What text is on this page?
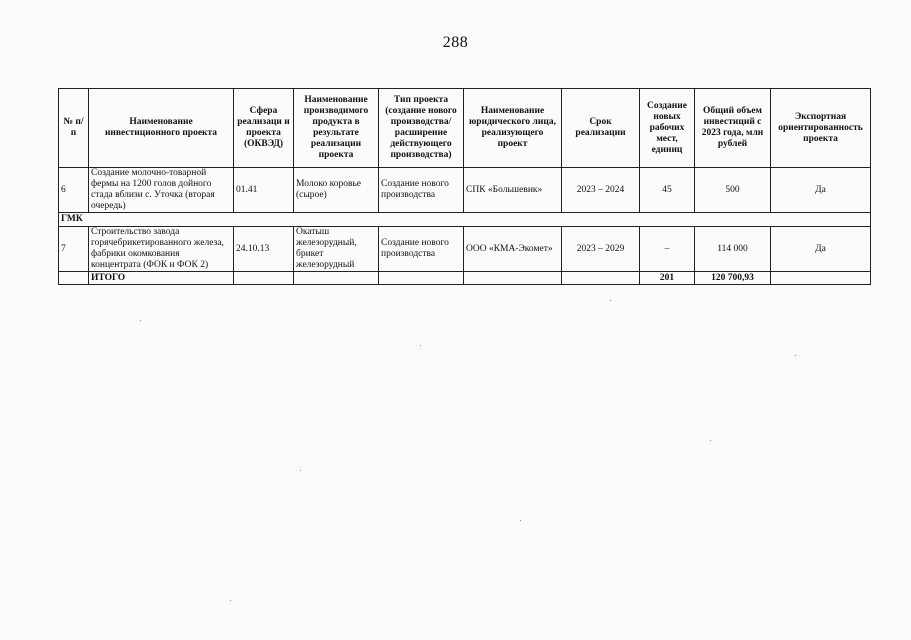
288
№ п/п	Наименование инвестиционного проекта	Сфера реализаци и проекта (ОКВЭД)	Наименование производимого продукта в результате реализации проекта	Тип проекта (создание нового производства/ расширение действующего производства)	Наименование юридического лица, реализующего проект	Срок реализации	Создание новых рабочих мест, единиц	Общий объем инвестиций с 2023 года, млн рублей	Экспортная ориентированность проекта
6	Создание молочно-товарной фермы на 1200 голов дойного стада вблизи с. Уточка (вторая очередь)	01.41	Молоко коровье (сырое)	Создание нового производства	СПК «Большевик»	2023 – 2024	45	500	Да
ГМК									
7	Строительство завода горячебрикетированного железа, фабрики окомкования концентрата (ФОК и ФОК 2)	24.10.13	Окатыш железорудный, брикет железорудный	Создание нового производства	ООО «КМА-Экомет»	2023 – 2029	–	114 000	Да
	ИТОГО						201	120 700,93	
